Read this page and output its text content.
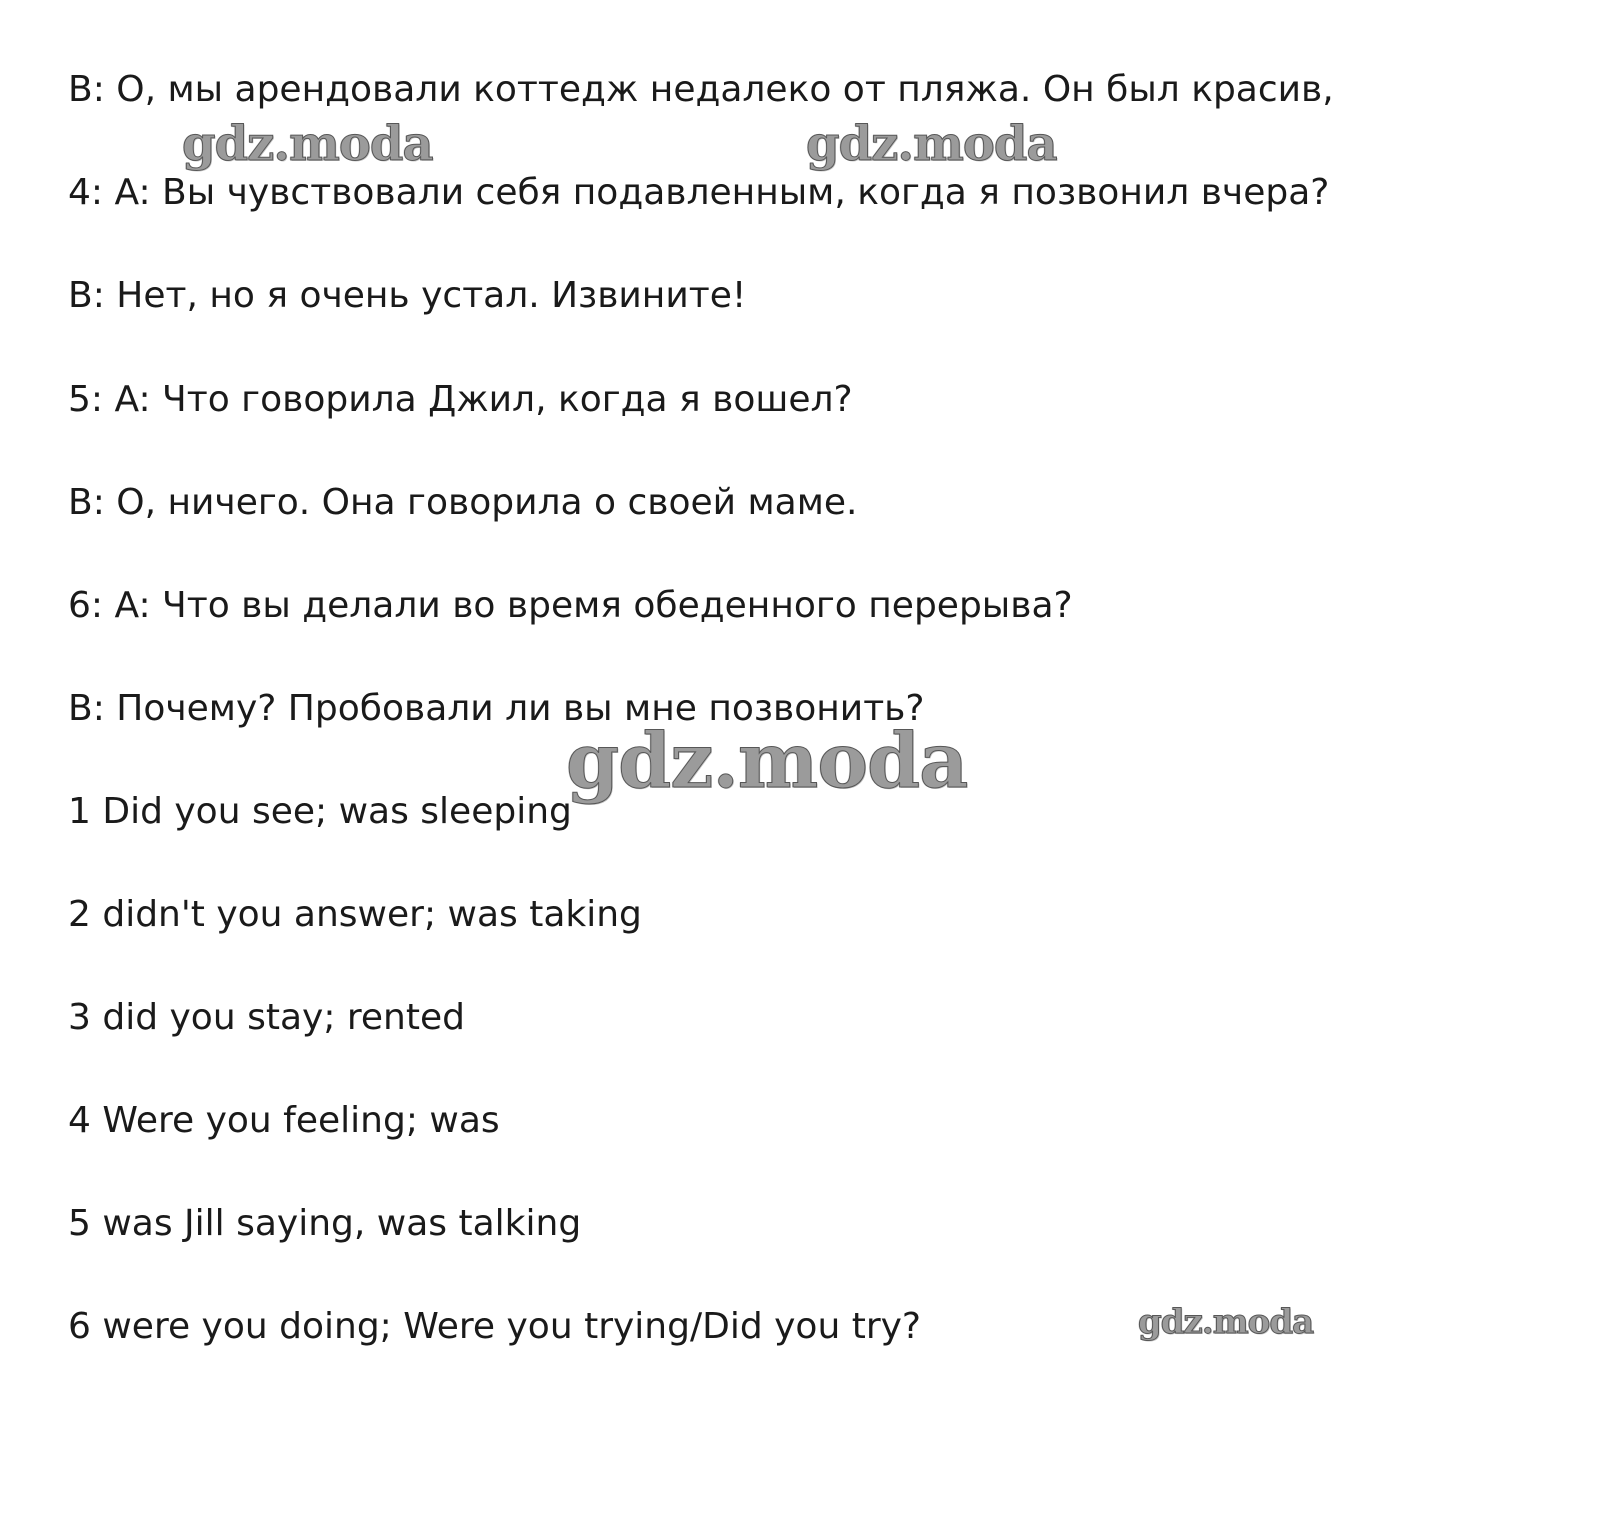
B: О, мы арендовали коттедж недалеко от пляжа. Он был красив,
4: A: Вы чувствовали себя подавленным, когда я позвонил вчера?
B: Нет, но я очень устал. Извините!
5: A: Что говорила Джил, когда я вошел?
B: О, ничего. Она говорила о своей маме.
6: A: Что вы делали во время обеденного перерыва?
B: Почему? Пробовали ли вы мне позвонить?
1 Did you see; was sleeping
2 didn't you answer; was taking
3 did you stay; rented
4 Were you feeling; was
5 was Jill saying, was talking
6 were you doing; Were you trying/Did you try?
gdz.moda	gdz.moda
gdz.moda
gdz.moda
